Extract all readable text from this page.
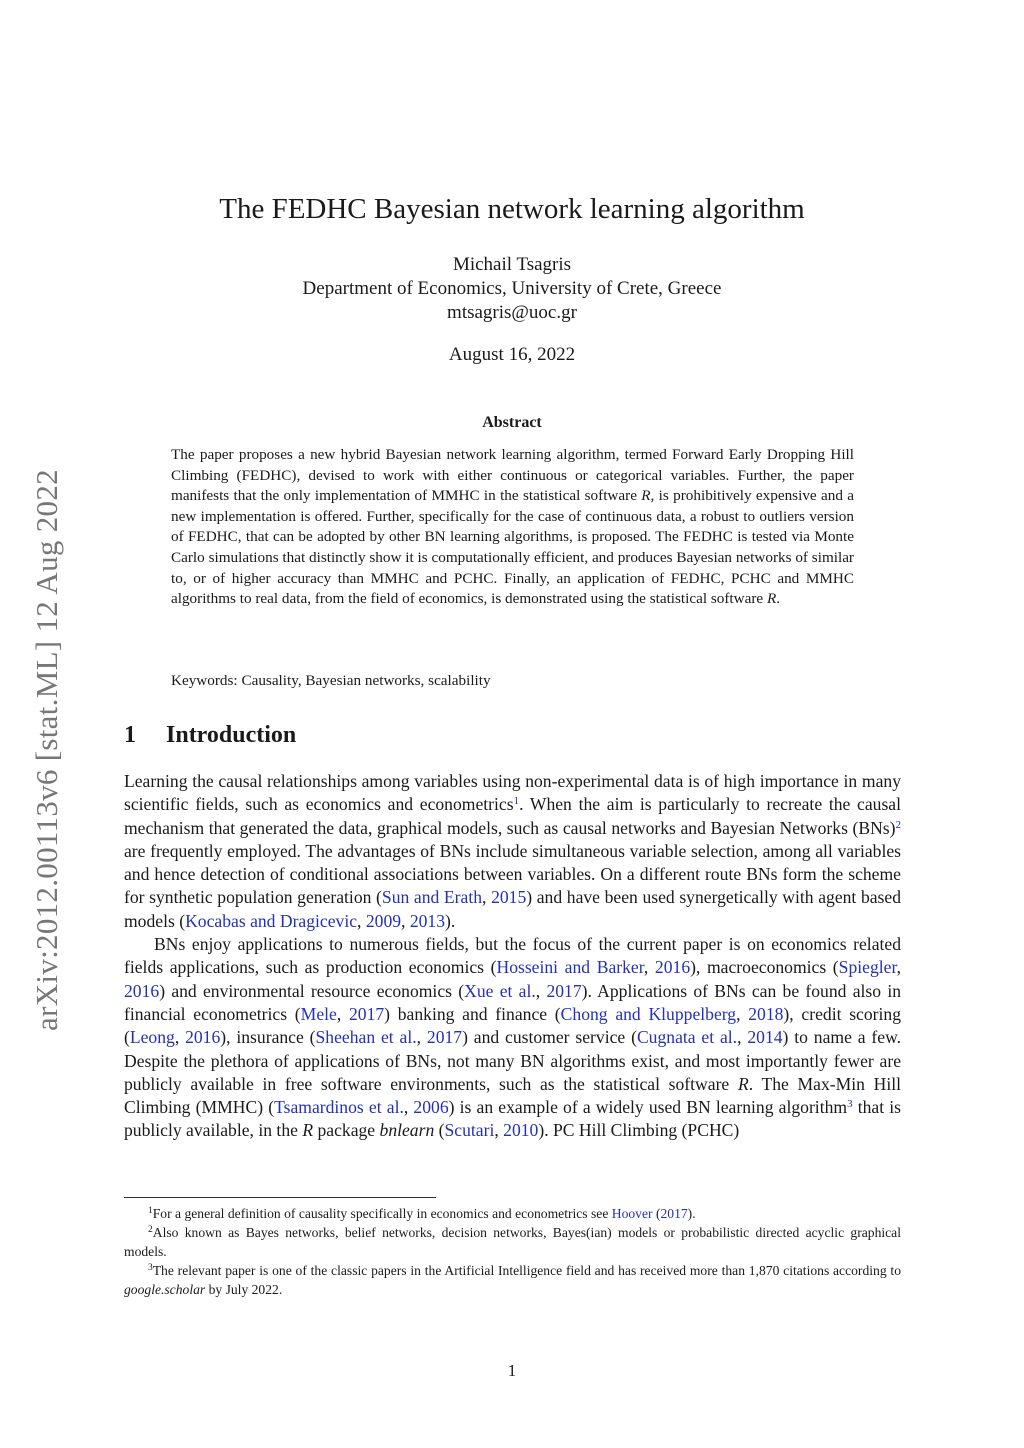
arXiv:2012.00113v6 [stat.ML] 12 Aug 2022
The FEDHC Bayesian network learning algorithm
Michail Tsagris
Department of Economics, University of Crete, Greece
mtsagris@uoc.gr
August 16, 2022
Abstract
The paper proposes a new hybrid Bayesian network learning algorithm, termed Forward Early Dropping Hill Climbing (FEDHC), devised to work with either continuous or categorical variables. Further, the paper manifests that the only implementation of MMHC in the statistical software R, is prohibitively expensive and a new implementation is offered. Further, specifically for the case of continuous data, a robust to outliers version of FEDHC, that can be adopted by other BN learning algorithms, is proposed. The FEDHC is tested via Monte Carlo simulations that distinctly show it is computationally efficient, and produces Bayesian networks of similar to, or of higher accuracy than MMHC and PCHC. Finally, an application of FEDHC, PCHC and MMHC algorithms to real data, from the field of economics, is demonstrated using the statistical software R.
Keywords: Causality, Bayesian networks, scalability
1 Introduction

Learning the causal relationships among variables using non-experimental data is of high importance in many scientific fields, such as economics and econometrics$^1$. When the aim is particularly to recreate the causal mechanism that generated the data, graphical models, such as causal networks and Bayesian Networks (BNs)$^2$ are frequently employed. The advantages of BNs include simultaneous variable selection, among all variables and hence detection of conditional associations between variables. On a different route BNs form the scheme for synthetic population generation (Sun and Erath, 2015) and have been used synergetically with agent based models (Kocabas and Dragicevic, 2009, 2013).

BNs enjoy applications to numerous fields, but the focus of the current paper is on economics related fields applications, such as production economics (Hosseini and Barker, 2016), macroeconomics (Spiegler, 2016) and environmental resource economics (Xue et al., 2017). Applications of BNs can be found also in financial econometrics (Mele, 2017) banking and finance (Chong and Kluppelberg, 2018), credit scoring (Leong, 2016), insurance (Sheehan et al., 2017) and customer service (Cugnata et al., 2014) to name a few. Despite the plethora of applications of BNs, not many BN algorithms exist, and most importantly fewer are publicly available in free software environments, such as the statistical software R. The Max-Min Hill Climbing (MMHC) (Tsamardinos et al., 2006) is an example of a widely used BN learning algorithm$^3$ that is publicly available, in the R package bnlearn (Scutari, 2010). PC Hill Climbing (PCHC)

$^1$For a general definition of causality specifically in economics and econometrics see Hoover (2017).
$^2$Also known as Bayes networks, belief networks, decision networks, Bayes(ian) models or probabilistic directed acyclic graphical models.
$^3$The relevant paper is one of the classic papers in the Artificial Intelligence field and has received more than 1,870 citations according to google.scholar by July 2022.
1
